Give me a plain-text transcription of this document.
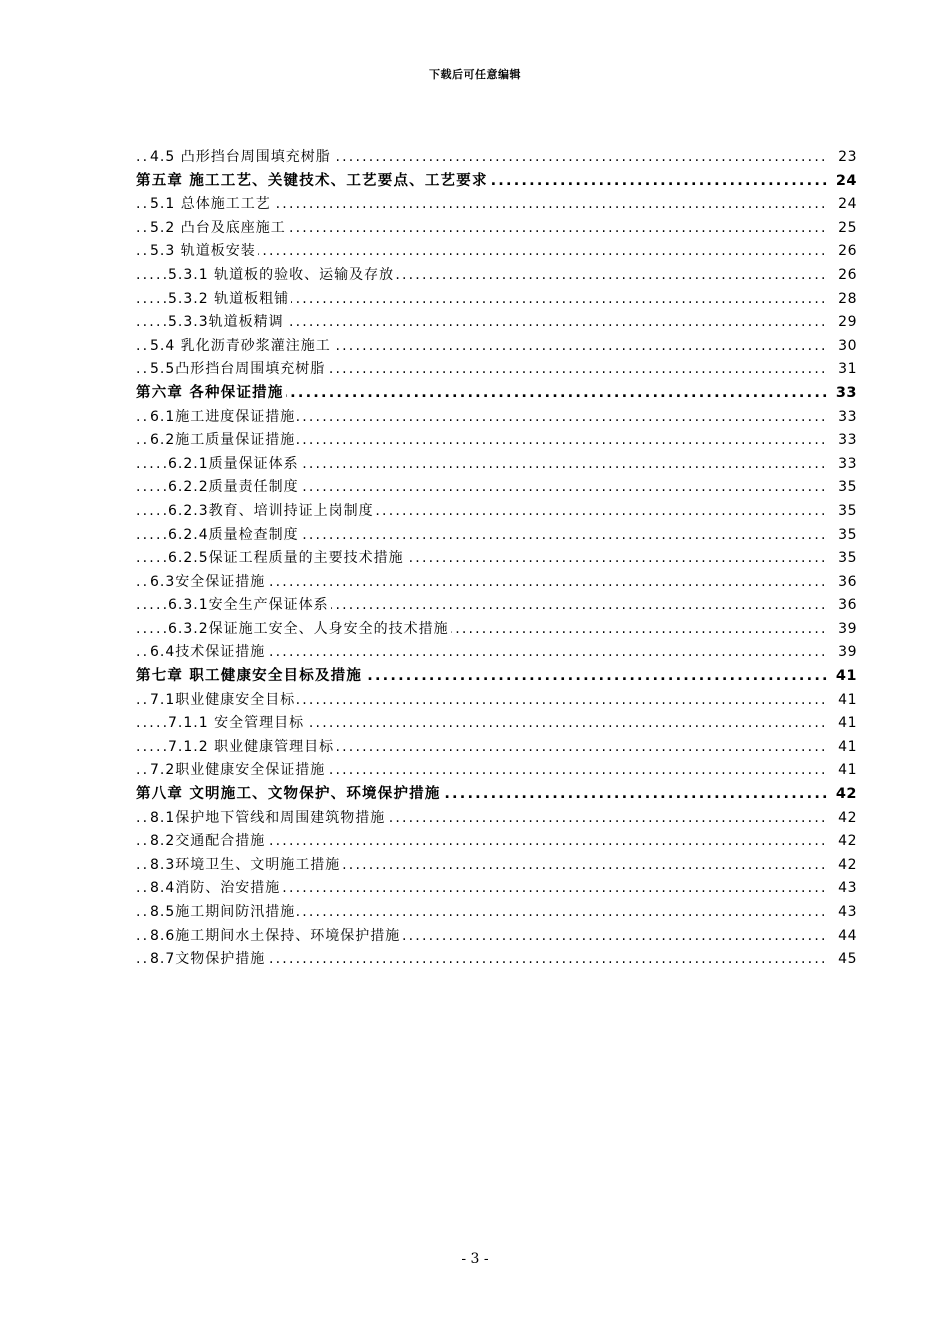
下载后可任意编辑
.....
4.5 凸形挡台周围填充树脂	23
.....
第五章 施工工艺、关键技术、工艺要点、工艺要求	24
.....
5.1 总体施工工艺	24
.....
5.2 凸台及底座施工	25
.....
5.3 轨道板安装	26
.....
5.3.1 轨道板的验收、运输及存放	26
.....
5.3.2 轨道板粗铺	28
.....
5.3.3轨道板精调	29
.....
5.4 乳化沥青砂浆灌注施工	30
.....
5.5凸形挡台周围填充树脂	31
.....
第六章 各种保证措施	33
.....
6.1施工进度保证措施	33
.....
6.2施工质量保证措施	33
.....
6.2.1质量保证体系	33
.....
6.2.2质量责任制度	35
.....
6.2.3教育、培训持证上岗制度	35
.....
6.2.4质量检查制度	35
.....
6.2.5保证工程质量的主要技术措施	35
.....
6.3安全保证措施	36
.....
6.3.1安全生产保证体系	36
.....
6.3.2保证施工安全、人身安全的技术措施	39
.....
6.4技术保证措施	39
.....
第七章 职工健康安全目标及措施	41
.....
7.1职业健康安全目标	41
.....
7.1.1 安全管理目标	41
.....
7.1.2 职业健康管理目标	41
.....
7.2职业健康安全保证措施	41
.....
第八章 文明施工、文物保护、环境保护措施	42
.....
8.1保护地下管线和周围建筑物措施	42
.....
8.2交通配合措施	42
.....
8.3环境卫生、文明施工措施	42
.....
8.4消防、治安措施	43
.....
8.5施工期间防汛措施	43
.....
8.6施工期间水土保持、环境保护措施	44
.....
8.7文物保护措施	45
- 3 -
